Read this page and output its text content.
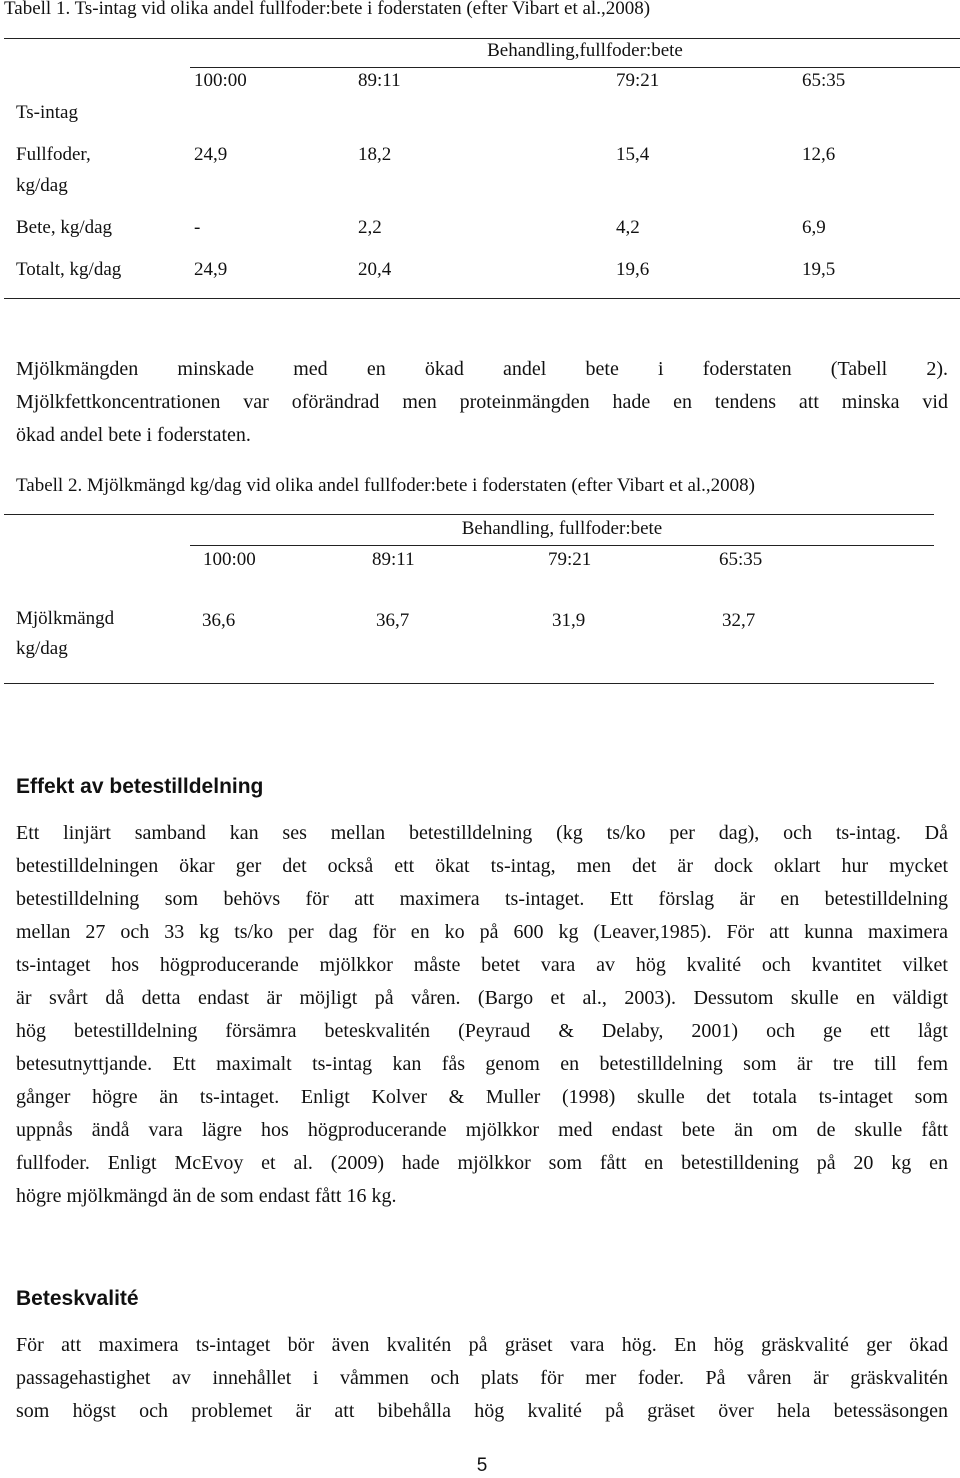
Tabell 1. Ts-intag vid olika andel fullfoder:bete i foderstaten (efter Vibart et al.,2008)
Behandling,fullfoder:bete
Ts-intag
100:00	89:11	79:21	65:35
Fullfoder,
kg/dag
24,9	18,2	15,4	12,6
Bete, kg/dag	-	2,2	4,2	6,9
Totalt, kg/dag	24,9	20,4	19,6	19,5
Mjölkmängden minskade med en ökad andel bete i foderstaten (Tabell 2).
Mjölkfettkoncentrationen var oförändrad men proteinmängden hade en tendens att minska vid
ökad andel bete i foderstaten.
Tabell 2. Mjölkmängd kg/dag vid olika andel fullfoder:bete i foderstaten (efter Vibart et al.,2008)
Behandling, fullfoder:bete
100:00	89:11	79:21	65:35
Mjölkmängd
kg/dag
36,6	36,7	31,9	32,7
Effekt av betestilldelning
Ett linjärt samband kan ses mellan betestilldelning (kg ts/ko per dag), och ts-intag. Då
betestilldelningen ökar ger det också ett ökat ts-intag, men det är dock oklart hur mycket
betestilldelning som behövs för att maximera ts-intaget. Ett förslag är en betestilldelning
mellan 27 och 33 kg ts/ko per dag för en ko på 600 kg (Leaver,1985). För att kunna maximera
ts-intaget hos högproducerande mjölkkor måste betet vara av hög kvalité och kvantitet vilket
är svårt då detta endast är möjligt på våren. (Bargo et al., 2003). Dessutom skulle en väldigt
hög betestilldelning försämra beteskvalitén (Peyraud & Delaby, 2001) och ge ett lågt
betesutnyttjande. Ett maximalt ts-intag kan fås genom en betestilldelning som är tre till fem
gånger högre än ts-intaget. Enligt Kolver & Muller (1998) skulle det totala ts-intaget som
uppnås ändå vara lägre hos högproducerande mjölkkor med endast bete än om de skulle fått
fullfoder. Enligt McEvoy et al. (2009) hade mjölkkor som fått en betestilldening på 20 kg en
högre mjölkmängd än de som endast fått 16 kg.
Beteskvalité
För att maximera ts-intaget bör även kvalitén på gräset vara hög. En hög gräskvalité ger ökad
passagehastighet av innehållet i våmmen och plats för mer foder. På våren är gräskvalitén
som högst och problemet är att bibehålla hög kvalité på gräset över hela betessäsongen
5
